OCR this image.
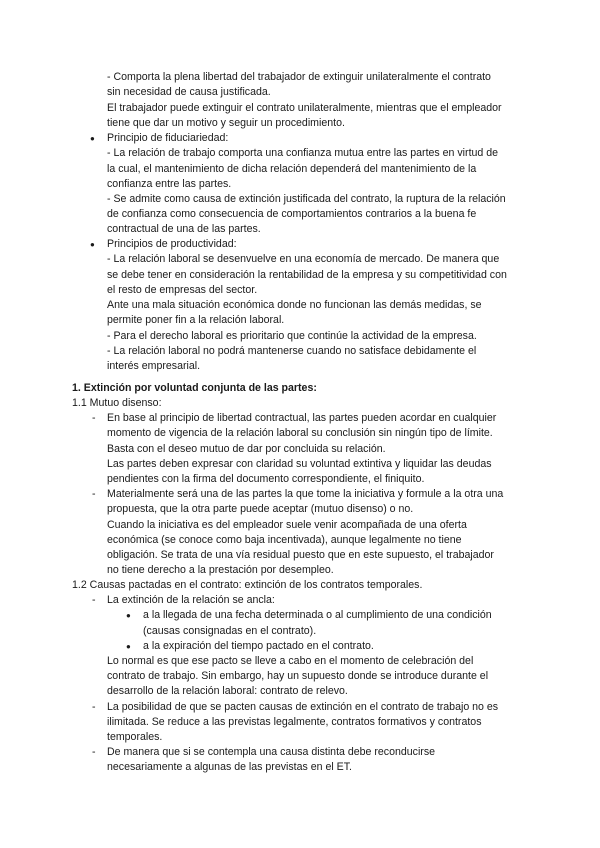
- Comporta la plena libertad del trabajador de extinguir unilateralmente el contrato
sin necesidad de causa justificada.
El trabajador puede extinguir el contrato unilateralmente, mientras que el empleador
tiene que dar un motivo y seguir un procedimiento.
● Principio de fiduciariedad:
- La relación de trabajo comporta una confianza mutua entre las partes en virtud de
la cual, el mantenimiento de dicha relación dependerá del mantenimiento de la
confianza entre las partes.
- Se admite como causa de extinción justificada del contrato, la ruptura de la relación
de confianza como consecuencia de comportamientos contrarios a la buena fe
contractual de una de las partes.
● Principios de productividad:
- La relación laboral se desenvuelve en una economía de mercado. De manera que
se debe tener en consideración la rentabilidad de la empresa y su competitividad con
el resto de empresas del sector.
Ante una mala situación económica donde no funcionan las demás medidas, se
permite poner fin a la relación laboral.
- Para el derecho laboral es prioritario que continúe la actividad de la empresa.
- La relación laboral no podrá mantenerse cuando no satisface debidamente el
interés empresarial.
1. Extinción por voluntad conjunta de las partes:
1.1 Mutuo disenso:
- En base al principio de libertad contractual, las partes pueden acordar en cualquier
momento de vigencia de la relación laboral su conclusión sin ningún tipo de límite.
Basta con el deseo mutuo de dar por concluida su relación.
Las partes deben expresar con claridad su voluntad extintiva y liquidar las deudas
pendientes con la firma del documento correspondiente, el finiquito.
- Materialmente será una de las partes la que tome la iniciativa y formule a la otra una
propuesta, que la otra parte puede aceptar (mutuo disenso) o no.
Cuando la iniciativa es del empleador suele venir acompañada de una oferta
económica (se conoce como baja incentivada), aunque legalmente no tiene
obligación. Se trata de una vía residual puesto que en este supuesto, el trabajador
no tiene derecho a la prestación por desempleo.
1.2 Causas pactadas en el contrato: extinción de los contratos temporales.
- La extinción de la relación se ancla:
● a la llegada de una fecha determinada o al cumplimiento de una condición
(causas consignadas en el contrato).
● a la expiración del tiempo pactado en el contrato.
Lo normal es que ese pacto se lleve a cabo en el momento de celebración del
contrato de trabajo. Sin embargo, hay un supuesto donde se introduce durante el
desarrollo de la relación laboral: contrato de relevo.
- La posibilidad de que se pacten causas de extinción en el contrato de trabajo no es
ilimitada. Se reduce a las previstas legalmente, contratos formativos y contratos
temporales.
- De manera que si se contempla una causa distinta debe reconducirse
necesariamente a algunas de las previstas en el ET.
